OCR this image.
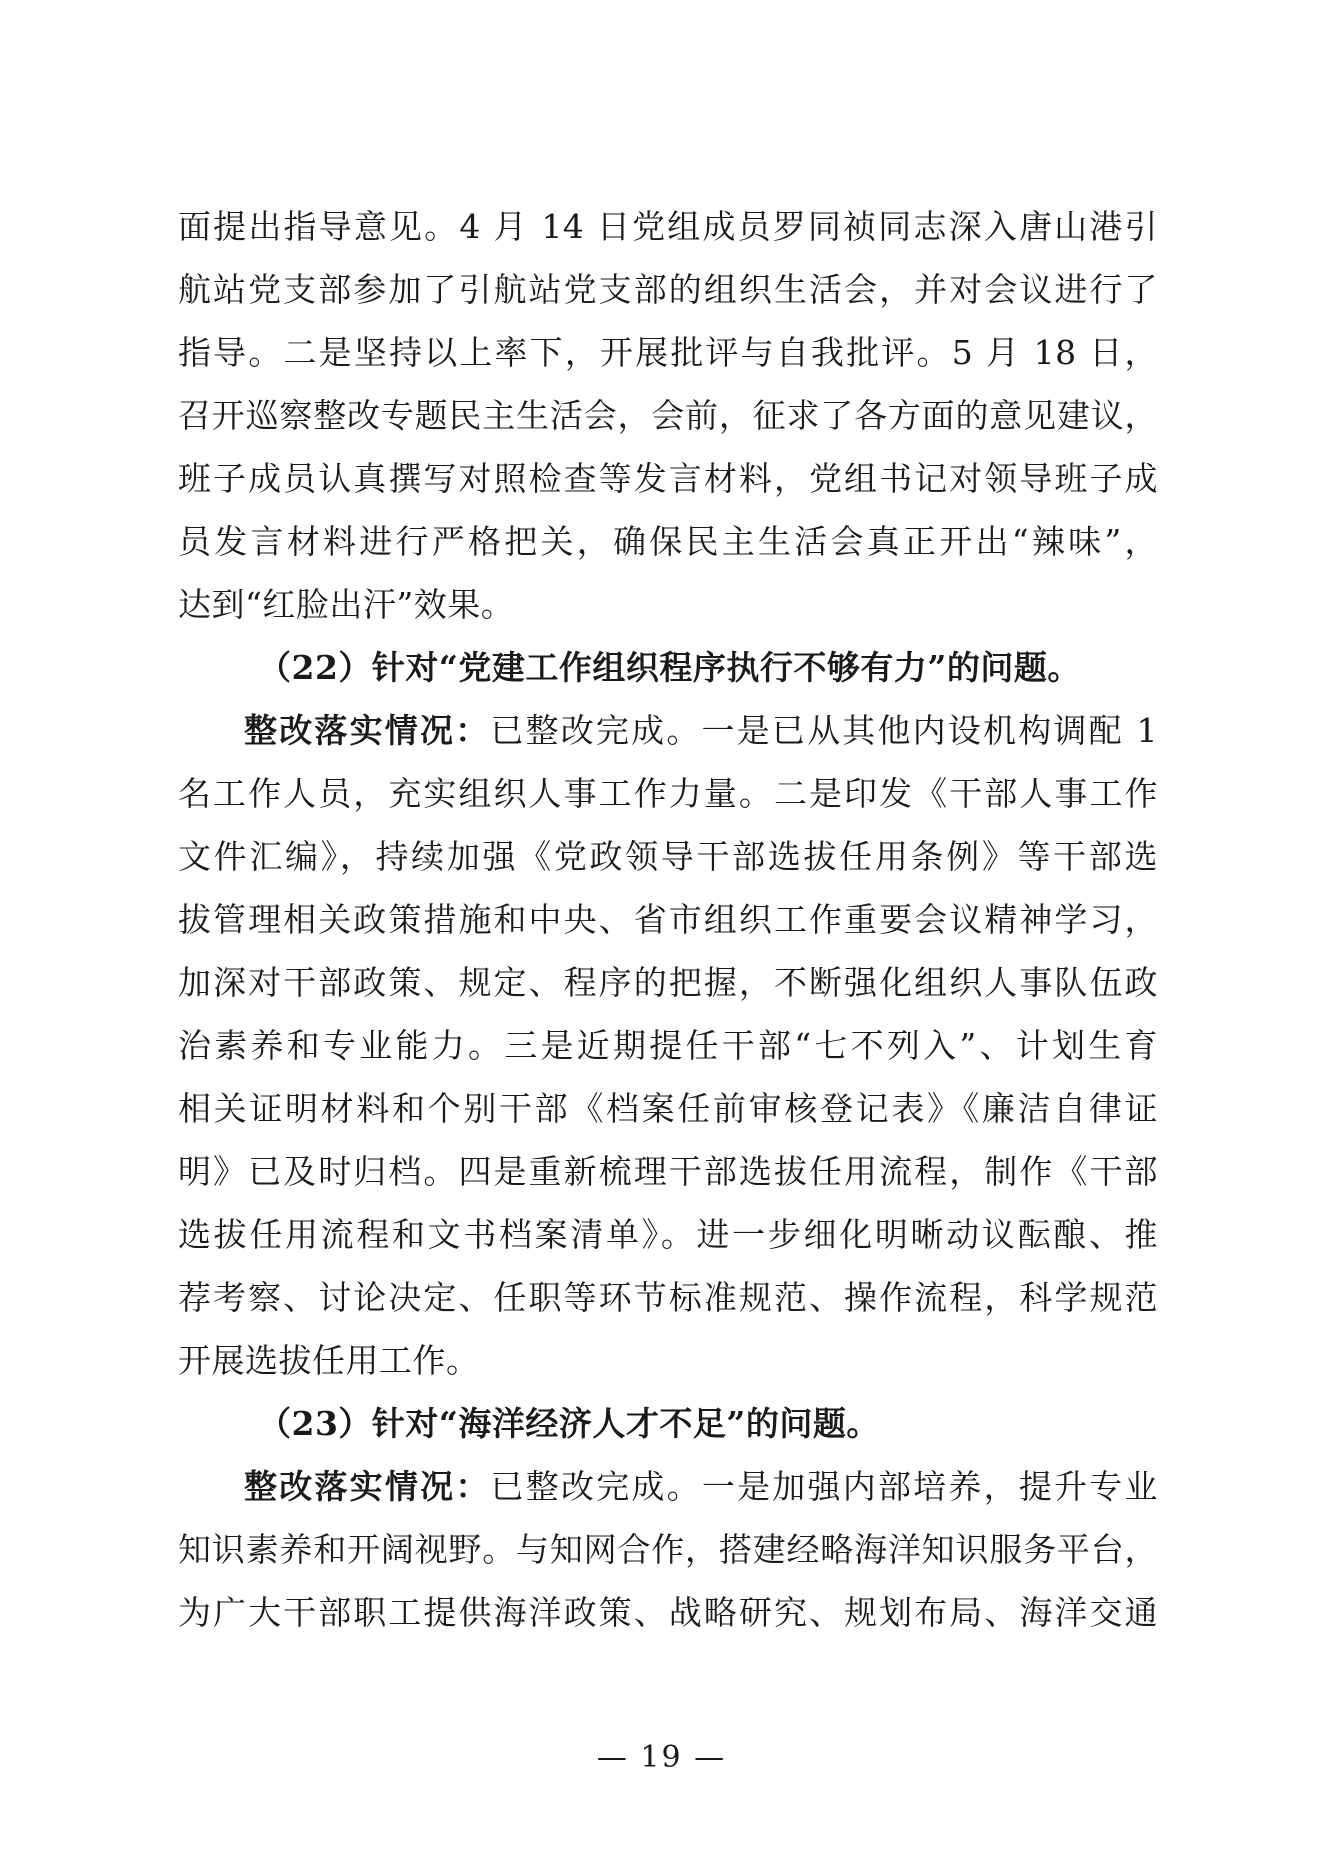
面提出指导意见。4 月 14 日党组成员罗同祯同志深入唐山港引
航站党支部参加了引航站党支部的组织生活会，并对会议进行了
指导。二是坚持以上率下，开展批评与自我批评。5 月 18 日，
召开巡察整改专题民主生活会，会前，征求了各方面的意见建议，
班子成员认真撰写对照检查等发言材料，党组书记对领导班子成
员发言材料进行严格把关，确保民主生活会真正开出“辣味”，
达到“红脸出汗”效果。
（22）针对“党建工作组织程序执行不够有力”的问题。
整改落实情况：已整改完成。一是已从其他内设机构调配 1
名工作人员，充实组织人事工作力量。二是印发《干部人事工作
文件汇编》，持续加强《党政领导干部选拔任用条例》等干部选
拔管理相关政策措施和中央、省市组织工作重要会议精神学习，
加深对干部政策、规定、程序的把握，不断强化组织人事队伍政
治素养和专业能力。三是近期提任干部“七不列入”、计划生育
相关证明材料和个别干部《档案任前审核登记表》《廉洁自律证
明》已及时归档。四是重新梳理干部选拔任用流程，制作《干部
选拔任用流程和文书档案清单》。进一步细化明晰动议酝酿、推
荐考察、讨论决定、任职等环节标准规范、操作流程，科学规范
开展选拔任用工作。
（23）针对“海洋经济人才不足”的问题。
整改落实情况：已整改完成。一是加强内部培养，提升专业
知识素养和开阔视野。与知网合作，搭建经略海洋知识服务平台，
为广大干部职工提供海洋政策、战略研究、规划布局、海洋交通
— 19 —
